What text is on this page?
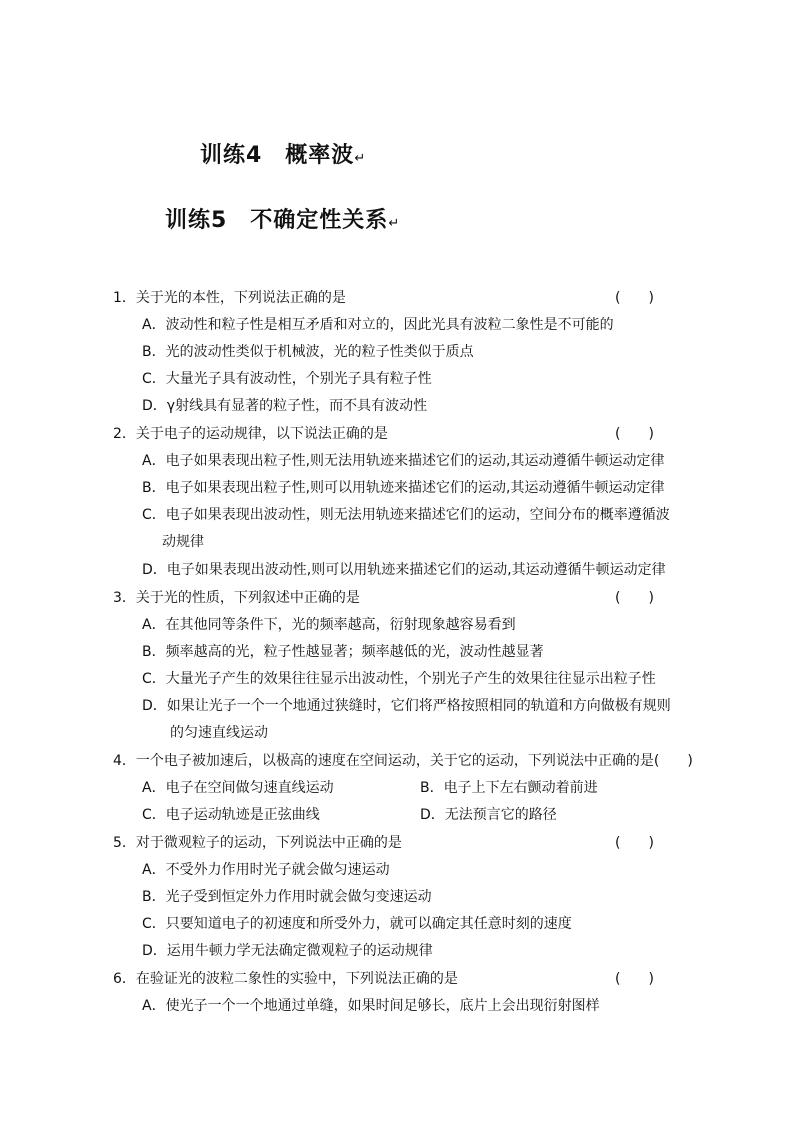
训练4　概率波↵
训练5　不确定性关系↵
1．关于光的本性，下列说法正确的是	(　　)
A．波动性和粒子性是相互矛盾和对立的，因此光具有波粒二象性是不可能的
B．光的波动性类似于机械波，光的粒子性类似于质点
C．大量光子具有波动性，个别光子具有粒子性
D．γ射线具有显著的粒子性，而不具有波动性
2．关于电子的运动规律，以下说法正确的是	(　　)
A．电子如果表现出粒子性,则无法用轨迹来描述它们的运动,其运动遵循牛顿运动定律
B．电子如果表现出粒子性,则可以用轨迹来描述它们的运动,其运动遵循牛顿运动定律
C．电子如果表现出波动性，则无法用轨迹来描述它们的运动，空间分布的概率遵循波
动规律
D．电子如果表现出波动性,则可以用轨迹来描述它们的运动,其运动遵循牛顿运动定律
3．关于光的性质，下列叙述中正确的是	(　　)
A．在其他同等条件下，光的频率越高，衍射现象越容易看到
B．频率越高的光，粒子性越显著；频率越低的光，波动性越显著
C．大量光子产生的效果往往显示出波动性，个别光子产生的效果往往显示出粒子性
D．如果让光子一个一个地通过狭缝时，它们将严格按照相同的轨道和方向做极有规则
的匀速直线运动
4．一个电子被加速后，以极高的速度在空间运动，关于它的运动，下列说法中正确的是(　　)
A．电子在空间做匀速直线运动	B．电子上下左右颤动着前进
C．电子运动轨迹是正弦曲线	D．无法预言它的路径
5．对于微观粒子的运动，下列说法中正确的是	(　　)
A．不受外力作用时光子就会做匀速运动
B．光子受到恒定外力作用时就会做匀变速运动
C．只要知道电子的初速度和所受外力，就可以确定其任意时刻的速度
D．运用牛顿力学无法确定微观粒子的运动规律
6．在验证光的波粒二象性的实验中，下列说法正确的是	(　　)
A．使光子一个一个地通过单缝，如果时间足够长，底片上会出现衍射图样
